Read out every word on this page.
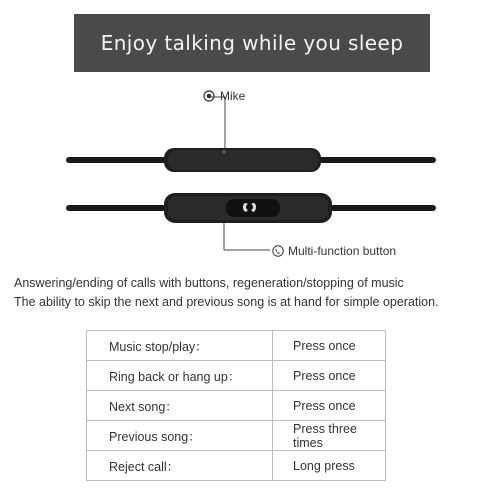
Enjoy talking while you sleep
Mike
Multi-function button
Answering/ending of calls with buttons, regeneration/stopping of music
The ability to skip the next and previous song is at hand for simple operation.
Music stop/play：	Press once
Ring back or hang up：	Press once
Next song：	Press once
Previous song：	Press three times
Reject call：	Long press
